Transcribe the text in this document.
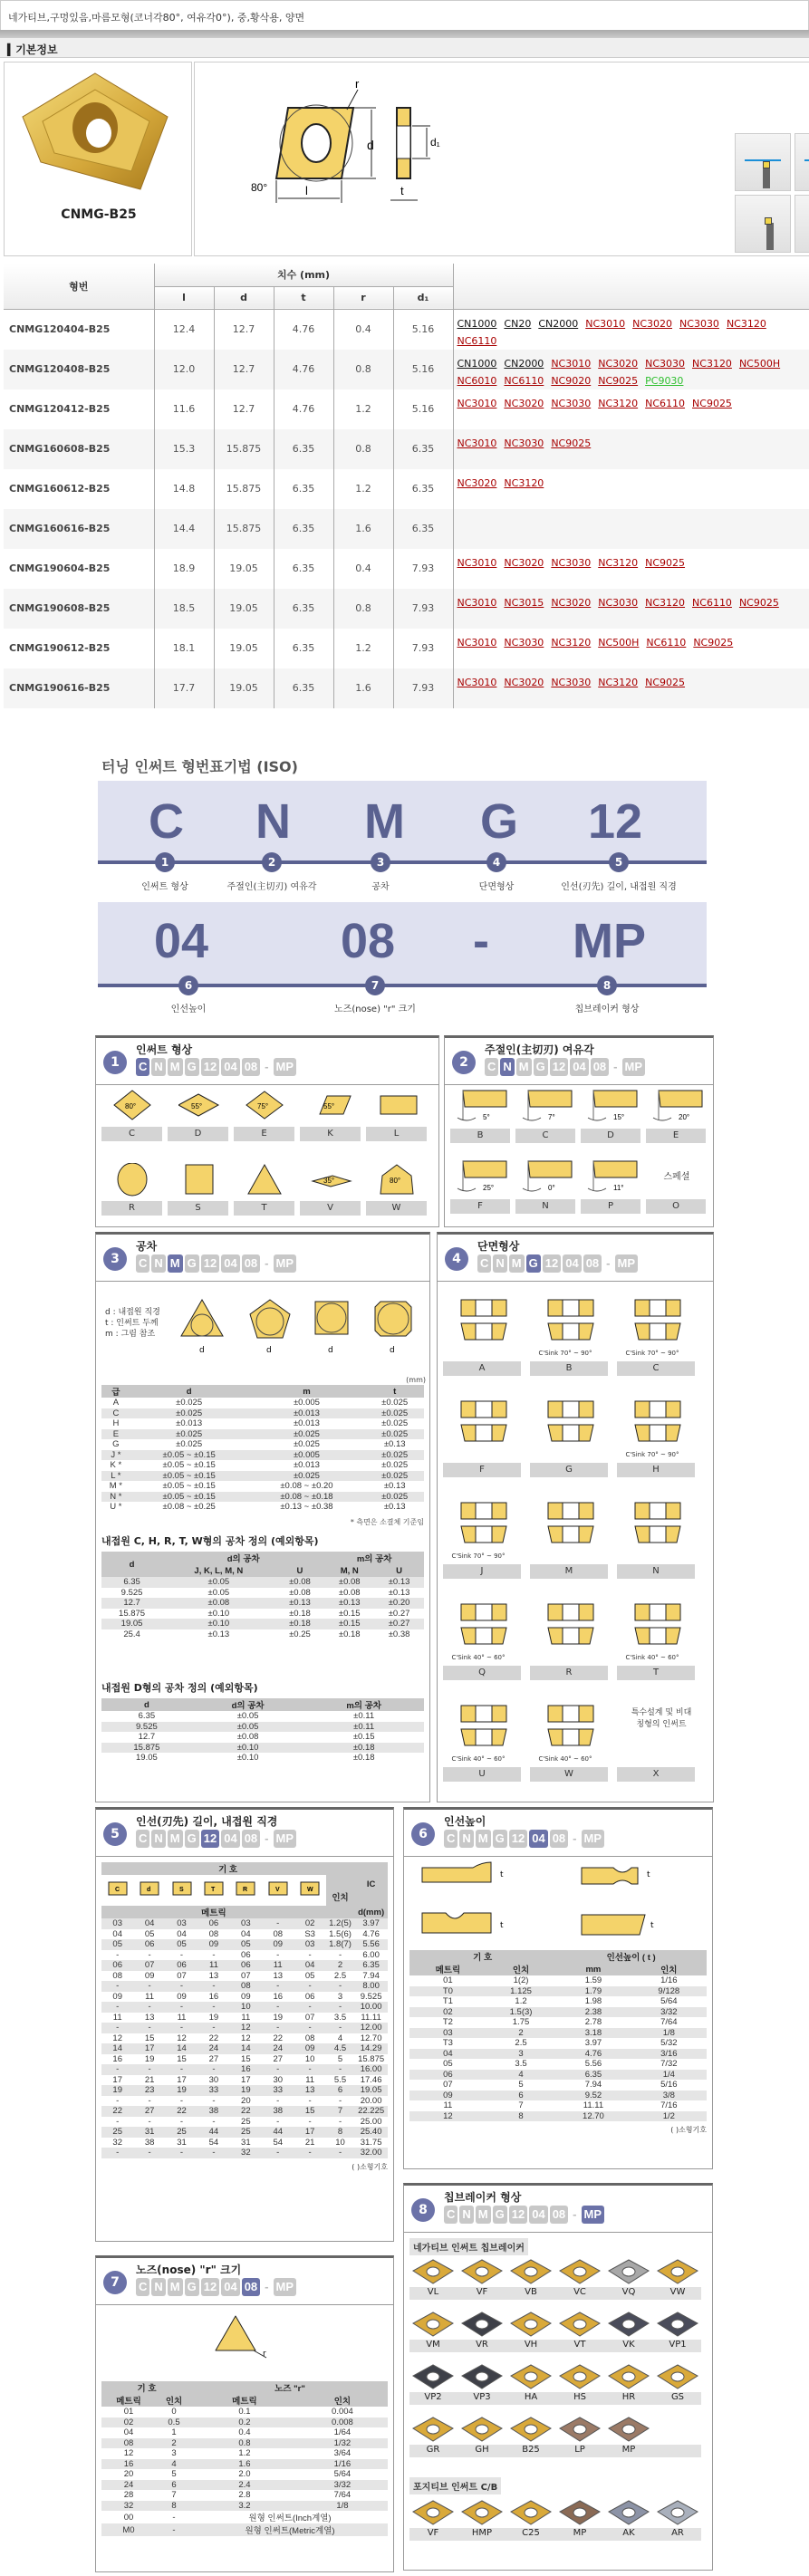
네가티브,구멍있음,마름모형(코너각80°, 여유각0°), 중,황삭용, 양면
▍기본정보
CNMG-B25
d
r
l
80°
d₁
t
형번	치수 (mm)					
	l	d	t	r	d₁	
CNMG120404-B25	12.4	12.7	4.76	0.4	5.16	CN1000 CN20 CN2000 NC3010 NC3020 NC3030 NC3120NC6110
CNMG120408-B25	12.0	12.7	4.76	0.8	5.16	CN1000 CN2000 NC3010 NC3020 NC3030 NC3120 NC500HNC6010 NC6110 NC9020 NC9025 PC9030
CNMG120412-B25	11.6	12.7	4.76	1.2	5.16	NC3010 NC3020 NC3030 NC3120 NC6110 NC9025
CNMG160608-B25	15.3	15.875	6.35	0.8	6.35	NC3010 NC3030 NC9025
CNMG160612-B25	14.8	15.875	6.35	1.2	6.35	NC3020 NC3120
CNMG160616-B25	14.4	15.875	6.35	1.6	6.35	
CNMG190604-B25	18.9	19.05	6.35	0.4	7.93	NC3010 NC3020 NC3030 NC3120 NC9025
CNMG190608-B25	18.5	19.05	6.35	0.8	7.93	NC3010 NC3015 NC3020 NC3030 NC3120 NC6110 NC9025
CNMG190612-B25	18.1	19.05	6.35	1.2	7.93	NC3010 NC3030 NC3120 NC500H NC6110 NC9025
CNMG190616-B25	17.7	19.05	6.35	1.6	7.93	NC3010 NC3020 NC3030 NC3120 NC9025
터닝 인써트 형번표기법 (ISO)
C
1
인써트 형상
N
2
주절인(主切刃) 여유각
M
3
공차
G
4
단면형상
12
5
인선(刃先) 길이, 내접원 직경
04
6
인선높이
08
7
노즈(nose) "r" 크기
MP
8
칩브레이커 형상
-
1
인써트 형상
C N M G 12 04 08 - MP
80°
C
55°
D
75°
E
55°
K	L
R	S	T
35°
V
80°
W
2
주절인(主切刃) 여유각
C N M G 12 04 08 - MP
5°
B
7°
C
15°
D
20°
E
25°
F
0°
N
11°
P
스페셜
O
3
공차
C N M G 12 04 08 - MP
d : 내접원 직경
t : 인써트 두께
m : 그림 참조
d	d	d	d
(mm)
급	d	m	t
A	±0.025	±0.005	±0.025
C	±0.025	±0.013	±0.025
H	±0.013	±0.013	±0.025
E	±0.025	±0.025	±0.025
G	±0.025	±0.025	±0.13
J *	±0.05 ~ ±0.15	±0.005	±0.025
K *	±0.05 ~ ±0.15	±0.013	±0.025
L *	±0.05 ~ ±0.15	±0.025	±0.025
M *	±0.05 ~ ±0.15	±0.08 ~ ±0.20	±0.13
N *	±0.05 ~ ±0.15	±0.08 ~ ±0.18	±0.025
U *	±0.08 ~ ±0.25	±0.13 ~ ±0.38	±0.13
* 측면은 소결체 기준임
내접원 C, H, R, T, W형의 공차 정의 (예외항목)
d	d의 공차		m의 공차	
	J, K, L, M, N	U	M, N	U
6.35	±0.05	±0.08	±0.08	±0.13
9.525	±0.05	±0.08	±0.08	±0.13
12.7	±0.08	±0.13	±0.13	±0.20
15.875	±0.10	±0.18	±0.15	±0.27
19.05	±0.10	±0.18	±0.15	±0.27
25.4	±0.13	±0.25	±0.18	±0.38
내접원 D형의 공차 정의 (예외항목)
d	d의 공차	m의 공차
6.35	±0.05	±0.11
9.525	±0.05	±0.11
12.7	±0.08	±0.15
15.875	±0.10	±0.18
19.05	±0.10	±0.18
4
단면형상
C N M G 12 04 08 - MP
A
C'Sink 70° ~ 90°
B
C'Sink 70° ~ 90°
C
F	G
C'Sink 70° ~ 90°
H
C'Sink 70° ~ 90°
J	M	N
C'Sink 40° ~ 60°
Q	R
C'Sink 40° ~ 60°
T
C'Sink 40° ~ 60°
U
C'Sink 40° ~ 60°
W
특수설계 및 비대칭형의 인써트
X
5
인선(刃先) 길이, 내접원 직경
C N M G 12 04 08 - MP
기 호								IC

C	d	S	T	R	V	W	인치	
메트릭								d(mm)
03	04	03	06	03	-	02	1.2(5)	3.97
04	05	04	08	04	08	S3	1.5(6)	4.76
05	06	05	09	05	09	03	1.8(7)	5.56
-	-	-	-	06	-	-	-	6.00
06	07	06	11	06	11	04	2	6.35
08	09	07	13	07	13	05	2.5	7.94
-	-	-	-	08	-	-	-	8.00
09	11	09	16	09	16	06	3	9.525
-	-	-	-	10	-	-	-	10.00
11	13	11	19	11	19	07	3.5	11.11
-	-	-	-	12	-	-	-	12.00
12	15	12	22	12	22	08	4	12.70
14	17	14	24	14	24	09	4.5	14.29
16	19	15	27	15	27	10	5	15.875
-	-	-	-	16	-	-	-	16.00
17	21	17	30	17	30	11	5.5	17.46
19	23	19	33	19	33	13	6	19.05
-	-	-	-	20	-	-	-	20.00
22	27	22	38	22	38	15	7	22.225
-	-	-	-	25	-	-	-	25.00
25	31	25	44	25	44	17	8	25.40
32	38	31	54	31	54	21	10	31.75
-	-	-	-	32	-	-	-	32.00
( )소형기호
6
인선높이
C N M G 12 04 08 - MP
t
t
t
t
기 호		인선높이 ( t )	
메트릭	인치	mm	인치
01	1(2)	1.59	1/16
T0	1.125	1.79	9/128
T1	1.2	1.98	5/64
02	1.5(3)	2.38	3/32
T2	1.75	2.78	7/64
03	2	3.18	1/8
T3	2.5	3.97	5/32
04	3	4.76	3/16
05	3.5	5.56	7/32
06	4	6.35	1/4
07	5	7.94	5/16
09	6	9.52	3/8
11	7	11.11	7/16
12	8	12.70	1/2
( )소형기호
7
노즈(nose) "r" 크기
C N M G 12 04 08 - MP
r
기 호		노즈 "r"	
메트릭	인치	메트릭	인치
01	0	0.1	0.004
02	0.5	0.2	0.008
04	1	0.4	1/64
08	2	0.8	1/32
12	3	1.2	3/64
16	4	1.6	1/16
20	5	2.0	5/64
24	6	2.4	3/32
28	7	2.8	7/64
32	8	3.2	1/8
00	-	원형 인써트(Inch계열)	
M0	-	원형 인써트(Metric계열)	
8
칩브레이커 형상
C N M G 12 04 08 - MP
네가티브 인써트 칩브레이커
VL	VF	VB	VC	VQ	VW
VM	VR	VH	VT	VK	VP1
VP2	VP3	HA	HS	HR	GS
GR	GH	B25	LP	MP
포지티브 인써트 C/B
VF	HMP	C25	MP	AK	AR
